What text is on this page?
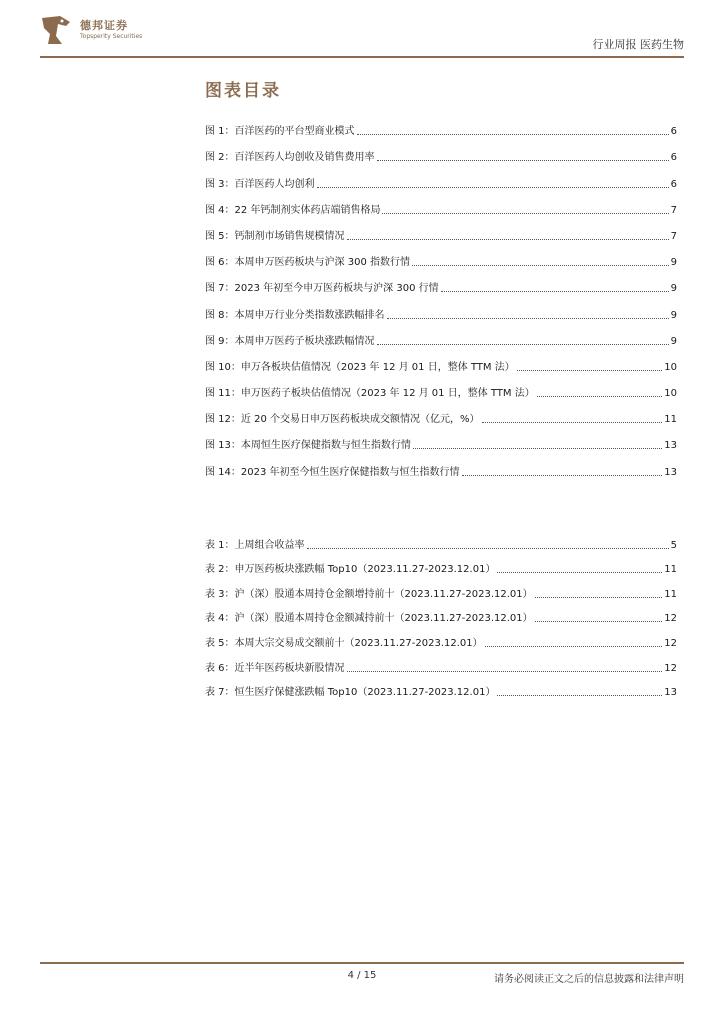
德邦证券
Topsperity Securities
行业周报 医药生物
图表目录
图 1：百洋医药的平台型商业模式	6
图 2：百洋医药人均创收及销售费用率	6
图 3：百洋医药人均创利	6
图 4：22 年钙制剂实体药店端销售格局	7
图 5：钙制剂市场销售规模情况	7
图 6：本周申万医药板块与沪深 300 指数行情	9
图 7：2023 年初至今申万医药板块与沪深 300 行情	9
图 8：本周申万行业分类指数涨跌幅排名	9
图 9：本周申万医药子板块涨跌幅情况	9
图 10：申万各板块估值情况（2023 年 12 月 01 日，整体 TTM 法）	10
图 11：申万医药子板块估值情况（2023 年 12 月 01 日，整体 TTM 法）	10
图 12：近 20 个交易日申万医药板块成交额情况（亿元，%）	11
图 13：本周恒生医疗保健指数与恒生指数行情	13
图 14：2023 年初至今恒生医疗保健指数与恒生指数行情	13
表 1：上周组合收益率	5
表 2：申万医药板块涨跌幅 Top10（2023.11.27-2023.12.01）	11
表 3：沪（深）股通本周持仓金额增持前十（2023.11.27-2023.12.01）	11
表 4：沪（深）股通本周持仓金额减持前十（2023.11.27-2023.12.01）	12
表 5：本周大宗交易成交额前十（2023.11.27-2023.12.01）	12
表 6：近半年医药板块新股情况	12
表 7：恒生医疗保健涨跌幅 Top10（2023.11.27-2023.12.01）	13
4 / 15	请务必阅读正文之后的信息披露和法律声明
